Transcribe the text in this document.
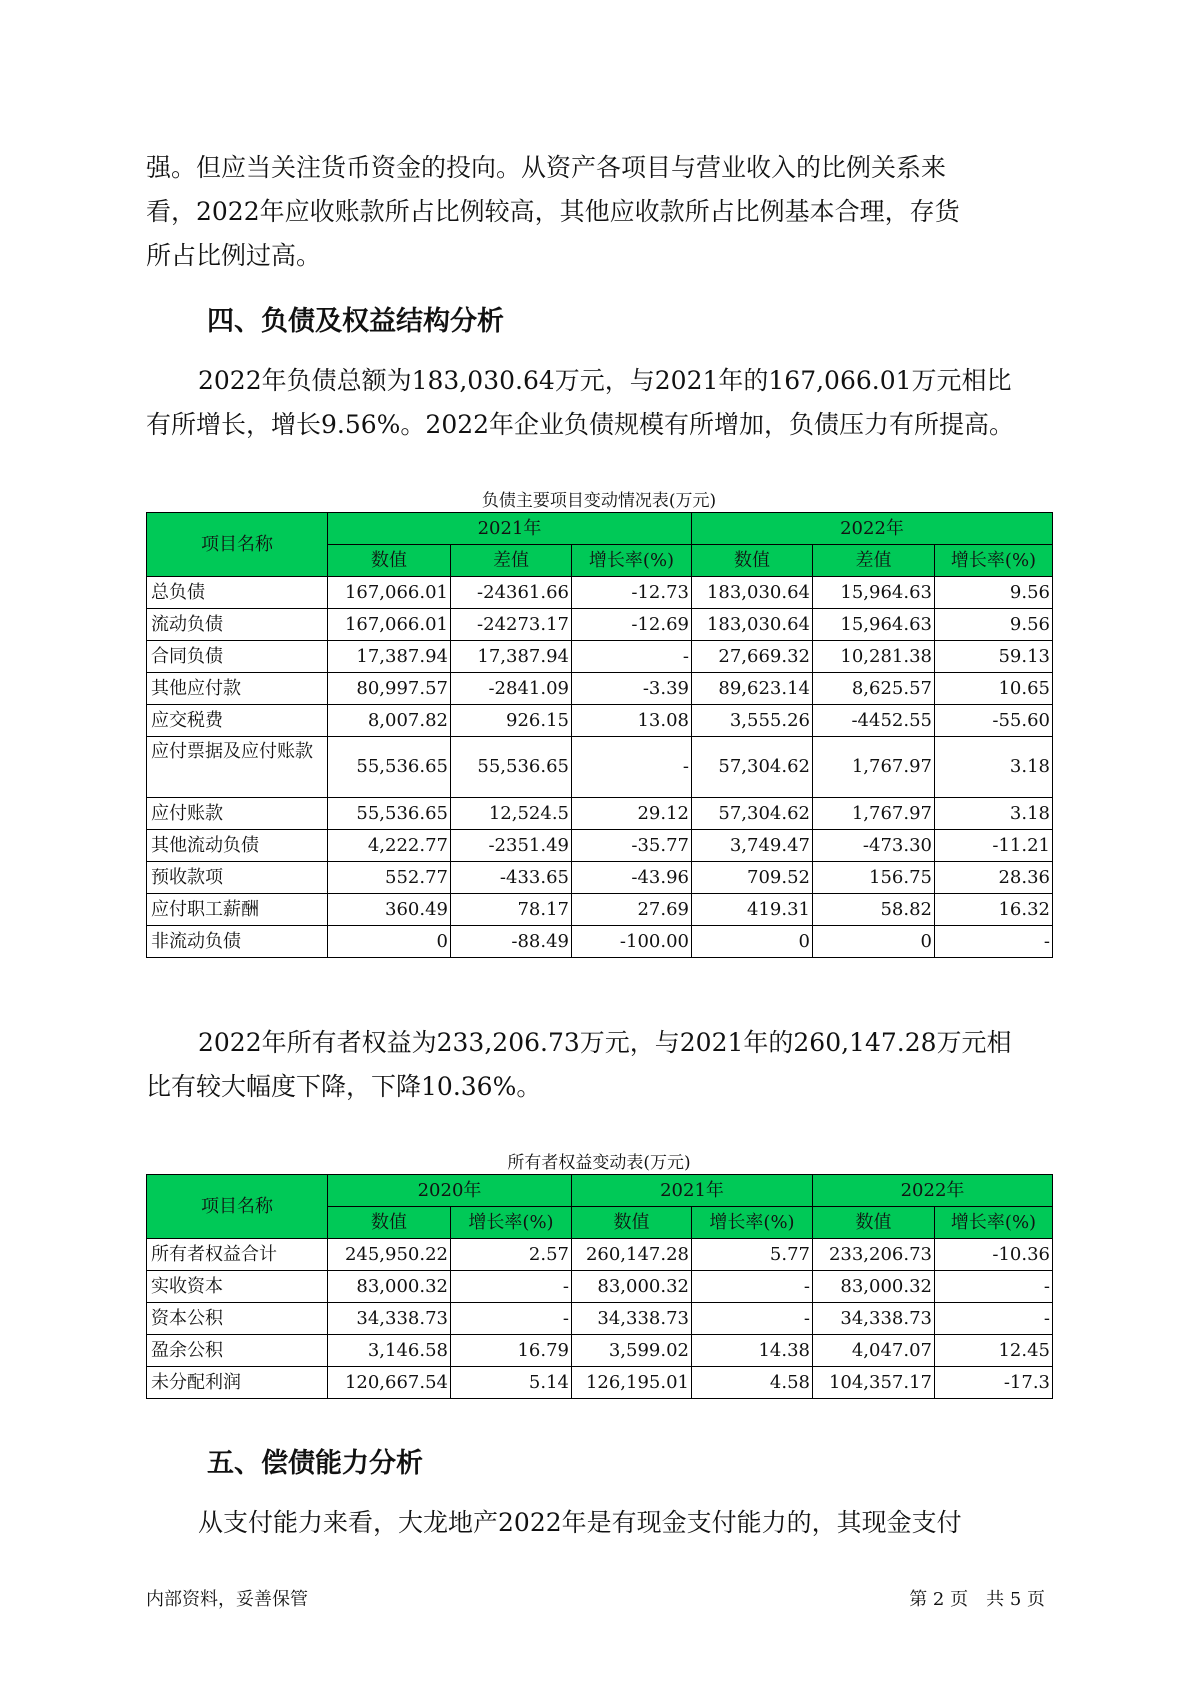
强。但应当关注货币资金的投向。从资产各项目与营业收入的比例关系来

看，2022年应收账款所占比例较高，其他应收款所占比例基本合理，存货

所占比例过高。

四、负债及权益结构分析

2022年负债总额为183,030.64万元，与2021年的167,066.01万元相比

有所增长，增长9.56%。2022年企业负债规模有所增加，负债压力有所提高。

负债主要项目变动情况表(万元)
项目名称	2021年			2022年		
	数值	差值	增长率(%)	数值	差值	增长率(%)
总负债	167,066.01	-24361.66	-12.73	183,030.64	15,964.63	9.56
流动负债	167,066.01	-24273.17	-12.69	183,030.64	15,964.63	9.56
合同负债	17,387.94	17,387.94	-	27,669.32	10,281.38	59.13
其他应付款	80,997.57	-2841.09	-3.39	89,623.14	8,625.57	10.65
应交税费	8,007.82	926.15	13.08	3,555.26	-4452.55	-55.60
应付票据及应付账款	55,536.65	55,536.65	-	57,304.62	1,767.97	3.18
应付账款	55,536.65	12,524.5	29.12	57,304.62	1,767.97	3.18
其他流动负债	4,222.77	-2351.49	-35.77	3,749.47	-473.30	-11.21
预收款项	552.77	-433.65	-43.96	709.52	156.75	28.36
应付职工薪酬	360.49	78.17	27.69	419.31	58.82	16.32
非流动负债	0	-88.49	-100.00	0	0	-

2022年所有者权益为233,206.73万元，与2021年的260,147.28万元相

比有较大幅度下降，下降10.36%。

所有者权益变动表(万元)
项目名称	2020年		2021年		2022年	
	数值	增长率(%)	数值	增长率(%)	数值	增长率(%)
所有者权益合计	245,950.22	2.57	260,147.28	5.77	233,206.73	-10.36
实收资本	83,000.32	-	83,000.32	-	83,000.32	-
资本公积	34,338.73	-	34,338.73	-	34,338.73	-
盈余公积	3,146.58	16.79	3,599.02	14.38	4,047.07	12.45
未分配利润	120,667.54	5.14	126,195.01	4.58	104,357.17	-17.3
五、偿债能力分析

从支付能力来看，大龙地产2022年是有现金支付能力的，其现金支付

内部资料，妥善保管	第 2 页　共 5 页
